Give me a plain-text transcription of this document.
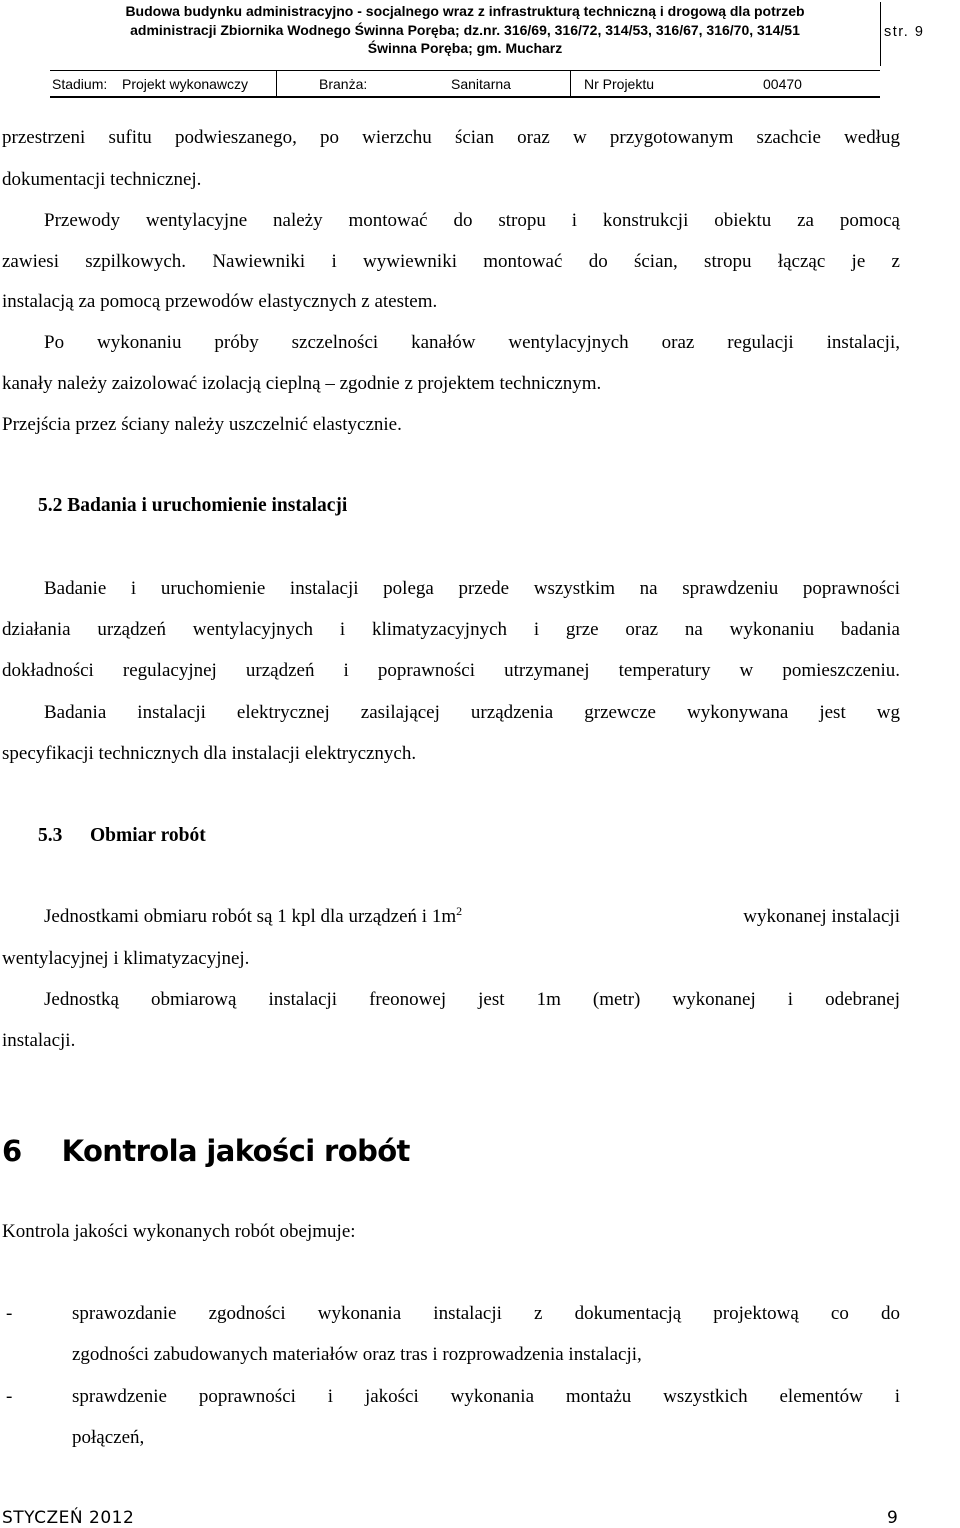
Budowa budynku administracyjno - socjalnego wraz z infrastrukturą techniczną i drogową dla potrzeb
administracji Zbiornika Wodnego Świnna Poręba; dz.nr. 316/69, 316/72, 314/53, 316/67, 316/70, 314/51
Świnna Poręba; gm. Mucharz
str. 9
Stadium: Projekt wykonawczy	Branża:	Sanitarna	Nr Projektu	00470
przestrzeni sufitu podwieszanego, po wierzchu ścian oraz w przygotowanym szachcie według
dokumentacji technicznej.
Przewody wentylacyjne należy montować do stropu i konstrukcji obiektu za pomocą
zawiesi szpilkowych. Nawiewniki i wywiewniki montować do ścian, stropu łącząc je z
instalacją za pomocą przewodów elastycznych z atestem.
Po wykonaniu próby szczelności kanałów wentylacyjnych oraz regulacji instalacji,
kanały należy zaizolować izolacją cieplną – zgodnie z projektem technicznym.
Przejścia przez ściany należy uszczelnić elastycznie.
5.2 Badania i uruchomienie instalacji
Badanie i uruchomienie instalacji polega przede wszystkim na sprawdzeniu poprawności
działania urządzeń wentylacyjnych i klimatyzacyjnych i grze oraz na wykonaniu badania
dokładności regulacyjnej urządzeń i poprawności utrzymanej temperatury w pomieszczeniu.
Badania instalacji elektrycznej zasilającej urządzenia grzewcze wykonywana jest wg
specyfikacji technicznych dla instalacji elektrycznych.
5.3 Obmiar robót
Jednostkami obmiaru robót są 1 kpl dla urządzeń i $1m^2$	wykonanej instalacji
wentylacyjnej i klimatyzacyjnej.
Jednostką obmiarową instalacji freonowej jest 1m (metr) wykonanej i odebranej
instalacji.
6 Kontrola jakości robót
Kontrola jakości wykonanych robót obejmuje:
-	sprawozdanie zgodności wykonania instalacji z dokumentacją projektową co do
zgodności zabudowanych materiałów oraz tras i rozprowadzenia instalacji,
-	sprawdzenie poprawności i jakości wykonania montażu wszystkich elementów i
połączeń,
STYCZEŃ 2012	9
